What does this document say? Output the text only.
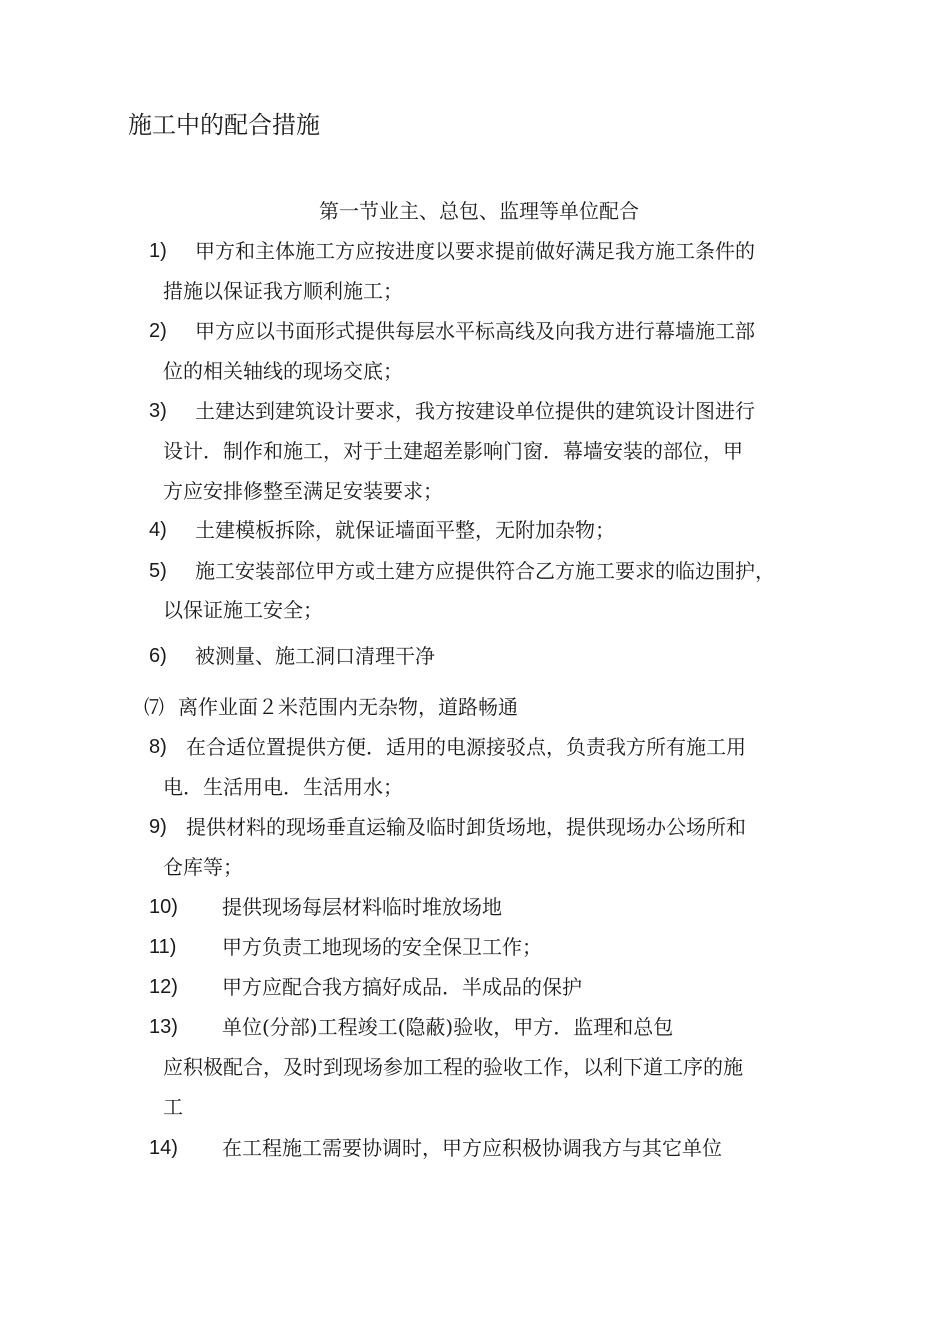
施工中的配合措施
第一节业主、总包、监理等单位配合
1) 甲方和主体施工方应按进度以要求提前做好满足我方施工条件的
措施以保证我方顺利施工；
2) 甲方应以书面形式提供每层水平标高线及向我方进行幕墙施工部
位的相关轴线的现场交底；
3) 土建达到建筑设计要求，我方按建设单位提供的建筑设计图进行
设计．制作和施工，对于土建超差影响门窗．幕墙安装的部位，甲
方应安排修整至满足安装要求；
4) 土建模板拆除，就保证墙面平整，无附加杂物；
5) 施工安装部位甲方或土建方应提供符合乙方施工要求的临边围护，
以保证施工安全；
6) 被测量、施工洞口清理干净
⑺ 离作业面２米范围内无杂物，道路畅通
8) 在合适位置提供方便．适用的电源接驳点，负责我方所有施工用
电．生活用电．生活用水；
9) 提供材料的现场垂直运输及临时卸货场地，提供现场办公场所和
仓库等；
10) 提供现场每层材料临时堆放场地
11) 甲方负责工地现场的安全保卫工作；
12) 甲方应配合我方搞好成品．半成品的保护
13) 单位(分部)工程竣工(隐蔽)验收，甲方．监理和总包
应积极配合，及时到现场参加工程的验收工作，以利下道工序的施
工
14) 在工程施工需要协调时，甲方应积极协调我方与其它单位
